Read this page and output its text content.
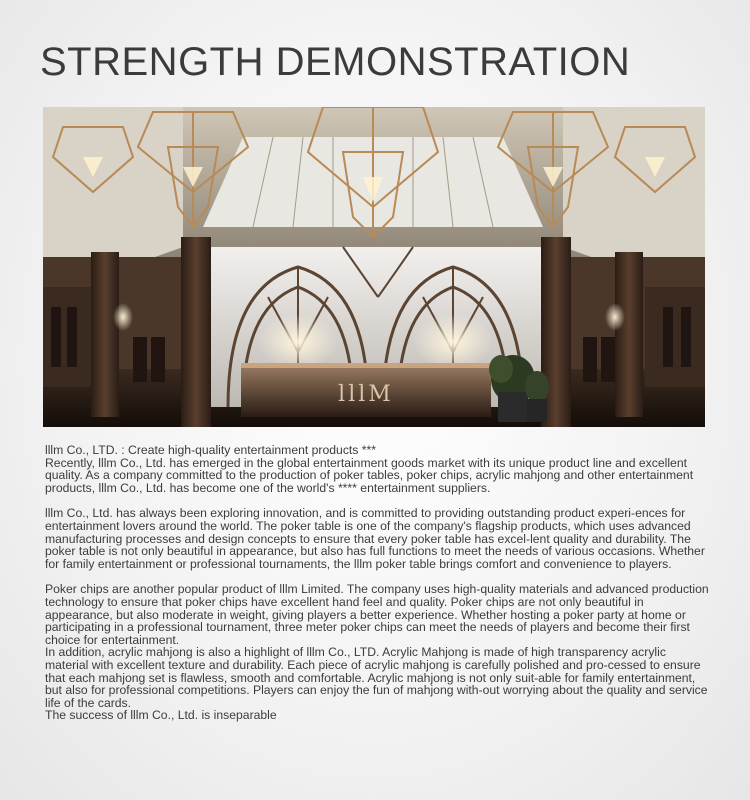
STRENGTH DEMONSTRATION
lllM

lllm Co., LTD. : Create high-quality entertainment products ***

Recently, lllm Co., Ltd. has emerged in the global entertainment goods market with its unique product line and excellent quality. As a company committed to the production of poker tables, poker chips, acrylic mahjong and other entertainment products, lllm Co., Ltd. has become one of the world's **** entertainment suppliers.

lllm Co., Ltd. has always been exploring innovation, and is committed to providing outstanding product experi-ences for entertainment lovers around the world. The poker table is one of the company's flagship products, which uses advanced manufacturing processes and design concepts to ensure that every poker table has excel-lent quality and durability. The poker table is not only beautiful in appearance, but also has full functions to meet the needs of various occasions. Whether for family entertainment or professional tournaments, the lllm poker table brings comfort and convenience to players.

Poker chips are another popular product of lllm Limited. The company uses high-quality materials and advanced production technology to ensure that poker chips have excellent hand feel and quality. Poker chips are not only beautiful in appearance, but also moderate in weight, giving players a better experience. Whether hosting a poker party at home or participating in a professional tournament, three meter poker chips can meet the needs of players and become their first choice for entertainment.

In addition, acrylic mahjong is also a highlight of lllm Co., LTD. Acrylic Mahjong is made of high transparency acrylic material with excellent texture and durability. Each piece of acrylic mahjong is carefully polished and pro-cessed to ensure that each mahjong set is flawless, smooth and comfortable. Acrylic mahjong is not only suit-able for family entertainment, but also for professional competitions. Players can enjoy the fun of mahjong with-out worrying about the quality and service life of the cards.

The success of lllm Co., Ltd. is inseparable
